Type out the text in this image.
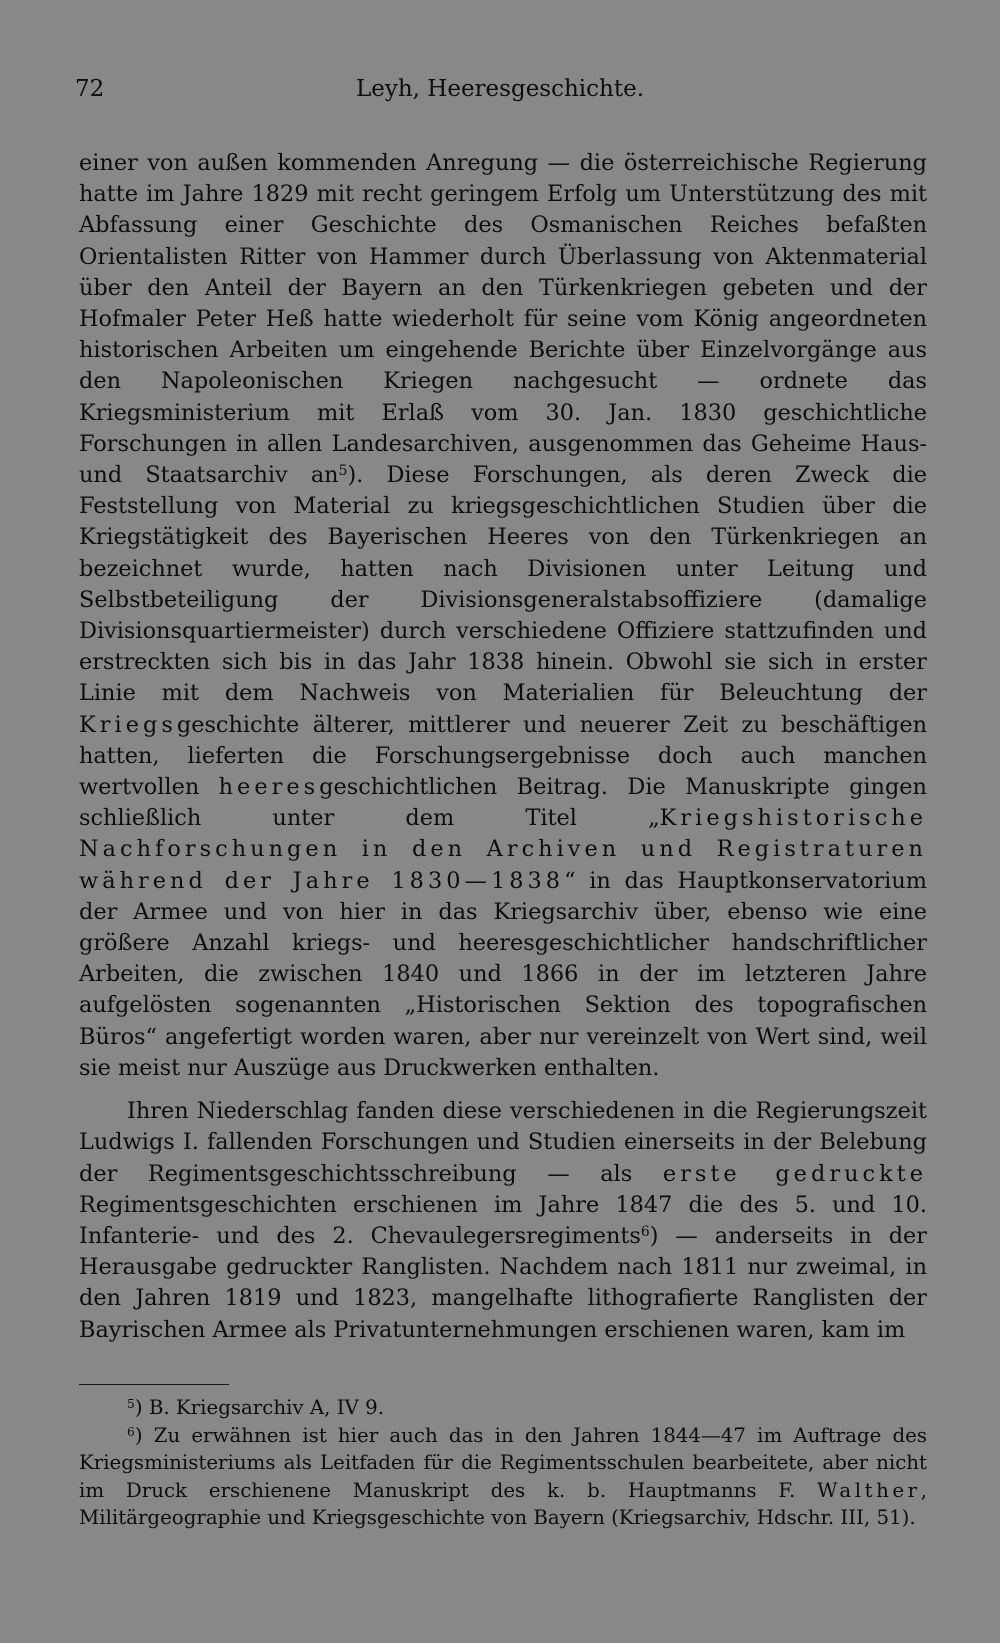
72	Leyh, Heeresgeschichte.

einer von außen kommenden Anregung — die österreichische Regierung hatte im Jahre 1829 mit recht geringem Erfolg um Unterstützung des mit Abfassung einer Geschichte des Osmanischen Reiches befaßten Orientalisten Ritter von Hammer durch Überlassung von Aktenmaterial über den Anteil der Bayern an den Türkenkriegen gebeten und der Hofmaler Peter Heß hatte wiederholt für seine vom König angeordneten historischen Arbeiten um eingehende Berichte über Einzelvorgänge aus den Napoleonischen Kriegen nachgesucht — ordnete das Kriegsministerium mit Erlaß vom 30. Jan. 1830 geschichtliche Forschungen in allen Landesarchiven, ausgenommen das Geheime Haus- und Staatsarchiv $an^5$). Diese Forschungen, als deren Zweck die Feststellung von Material zu kriegsgeschichtlichen Studien über die Kriegstätigkeit des Bayerischen Heeres von den Türkenkriegen an bezeichnet wurde, hatten nach Divisionen unter Leitung und Selbstbeteiligung der Divisionsgeneralstabsoffiziere (damalige Divisionsquartiermeister) durch verschiedene Offiziere stattzufinden und erstreckten sich bis in das Jahr 1838 hinein. Obwohl sie sich in erster Linie mit dem Nachweis von Materialien für Beleuchtung der Kriegsgeschichte älterer, mittlerer und neuerer Zeit zu beschäftigen hatten, lieferten die Forschungsergebnisse doch auch manchen wertvollen heeresgeschichtlichen Beitrag. Die Manuskripte gingen schließlich unter dem Titel „Kriegshistorische Nachforschungen in den Archiven und Registraturen während der Jahre 1830—1838“ in das Hauptkonservatorium der Armee und von hier in das Kriegsarchiv über, ebenso wie eine größere Anzahl kriegs- und heeresgeschichtlicher handschriftlicher Arbeiten, die zwischen 1840 und 1866 in der im letzteren Jahre aufgelösten sogenannten „Historischen Sektion des topografischen Büros“ angefertigt worden waren, aber nur vereinzelt von Wert sind, weil sie meist nur Auszüge aus Druckwerken enthalten.

Ihren Niederschlag fanden diese verschiedenen in die Regierungszeit Ludwigs I. fallenden Forschungen und Studien einerseits in der Belebung der Regimentsgeschichtsschreibung — als erste gedruckte Regimentsgeschichten erschienen im Jahre 1847 die des 5. und 10. Infanterie- und des 2. Chevaulegersregiments$^6$) — anderseits in der Herausgabe gedruckter Ranglisten. Nachdem nach 1811 nur zweimal, in den Jahren 1819 und 1823, mangelhafte lithografierte Ranglisten der Bayrischen Armee als Privatunternehmungen erschienen waren, kam im

$^5$) B. Kriegsarchiv A, IV 9.

$^6$) Zu erwähnen ist hier auch das in den Jahren 1844—47 im Auftrage des Kriegsministeriums als Leitfaden für die Regimentsschulen bearbeitete, aber nicht im Druck erschienene Manuskript des k. b. Hauptmanns F. Walther, Militärgeographie und Kriegsgeschichte von Bayern (Kriegsarchiv, Hdschr. III, 51).
